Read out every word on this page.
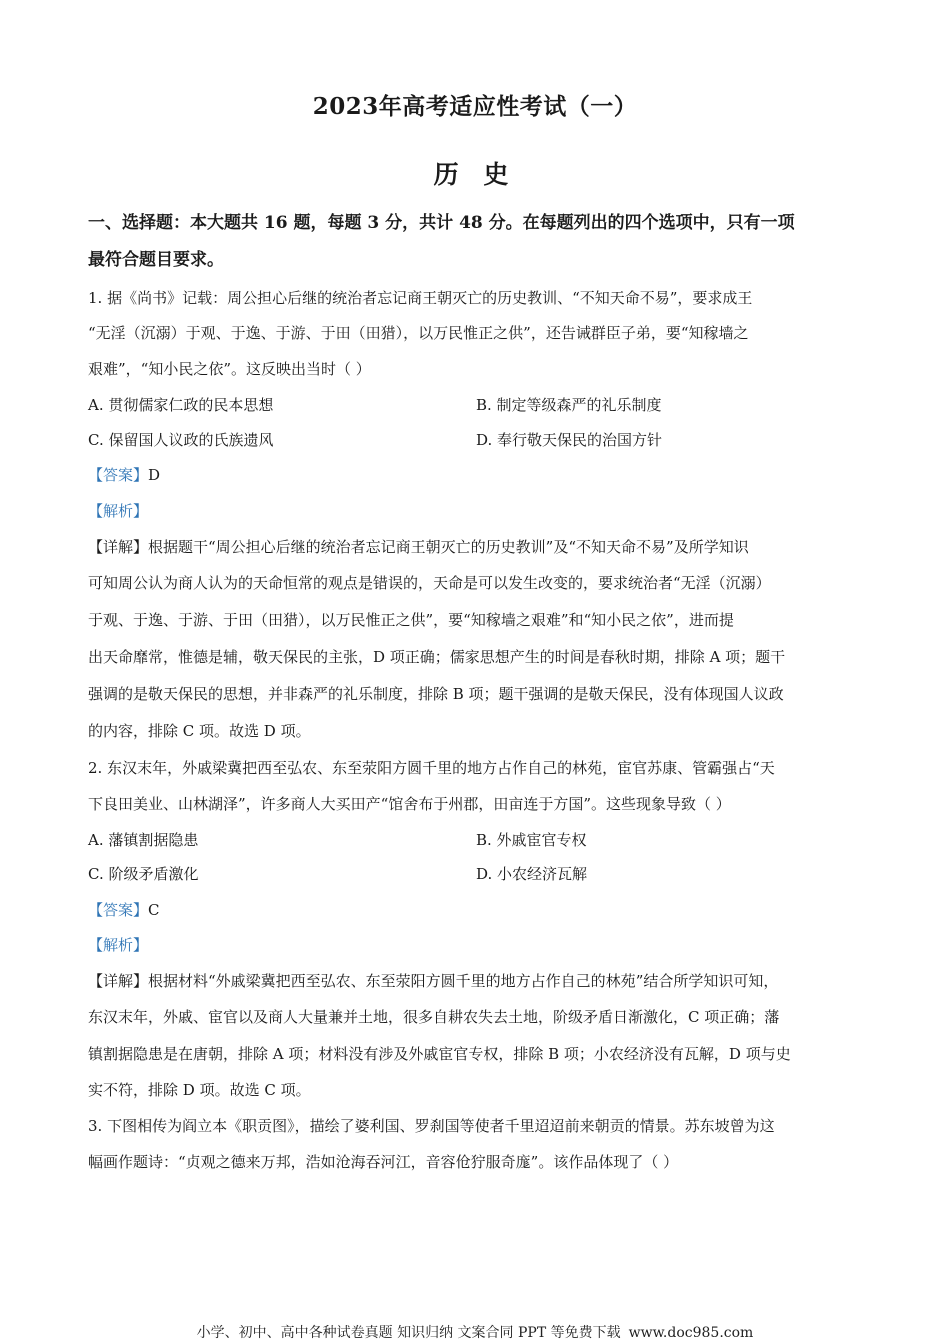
2023年高考适应性考试（一）
历 史
一、选择题：本大题共 16 题，每题 3 分，共计 48 分。在每题列出的四个选项中，只有一项
最符合题目要求。
1. 据《尚书》记载：周公担心后继的统治者忘记商王朝灭亡的历史教训、“不知天命不易”，要求成王
“无淫（沉溺）于观、于逸、于游、于田（田猎），以万民惟正之供”，还告诫群臣子弟，要“知稼墙之
艰难”，“知小民之依”。这反映出当时（ ）
A. 贯彻儒家仁政的民本思想	B. 制定等级森严的礼乐制度
C. 保留国人议政的氏族遗风	D. 奉行敬天保民的治国方针
【答案】D
【解析】
【详解】根据题干“周公担心后继的统治者忘记商王朝灭亡的历史教训”及“不知天命不易”及所学知识
可知周公认为商人认为的天命恒常的观点是错误的，天命是可以发生改变的，要求统治者“无淫（沉溺）
于观、于逸、于游、于田（田猎），以万民惟正之供”，要“知稼墙之艰难”和“知小民之依”，进而提
出天命靡常，惟德是辅，敬天保民的主张，D 项正确；儒家思想产生的时间是春秋时期，排除 A 项；题干
强调的是敬天保民的思想，并非森严的礼乐制度，排除 B 项；题干强调的是敬天保民，没有体现国人议政
的内容，排除 C 项。故选 D 项。
2. 东汉末年，外戚梁冀把西至弘农、东至荥阳方圆千里的地方占作自己的林苑，宦官苏康、管霸强占“天
下良田美业、山林湖泽”，许多商人大买田产“馆舍布于州郡，田亩连于方国”。这些现象导致（ ）
A. 藩镇割据隐患	B. 外戚宦官专权
C. 阶级矛盾激化	D. 小农经济瓦解
【答案】C
【解析】
【详解】根据材料“外戚梁冀把西至弘农、东至荥阳方圆千里的地方占作自己的林苑”结合所学知识可知，
东汉末年，外戚、宦官以及商人大量兼并土地，很多自耕农失去土地，阶级矛盾日渐激化，C 项正确；藩
镇割据隐患是在唐朝，排除 A 项；材料没有涉及外戚宦官专权，排除 B 项；小农经济没有瓦解，D 项与史
实不符，排除 D 项。故选 C 项。
3. 下图相传为阎立本《职贡图》，描绘了婆利国、罗刹国等使者千里迢迢前来朝贡的情景。苏东坡曾为这
幅画作题诗：“贞观之德来万邦，浩如沧海吞河江，音容伧狞服奇庬”。该作品体现了（ ）
小学、初中、高中各种试卷真题 知识归纳 文案合同 PPT 等免费下载 www.doc985.com
